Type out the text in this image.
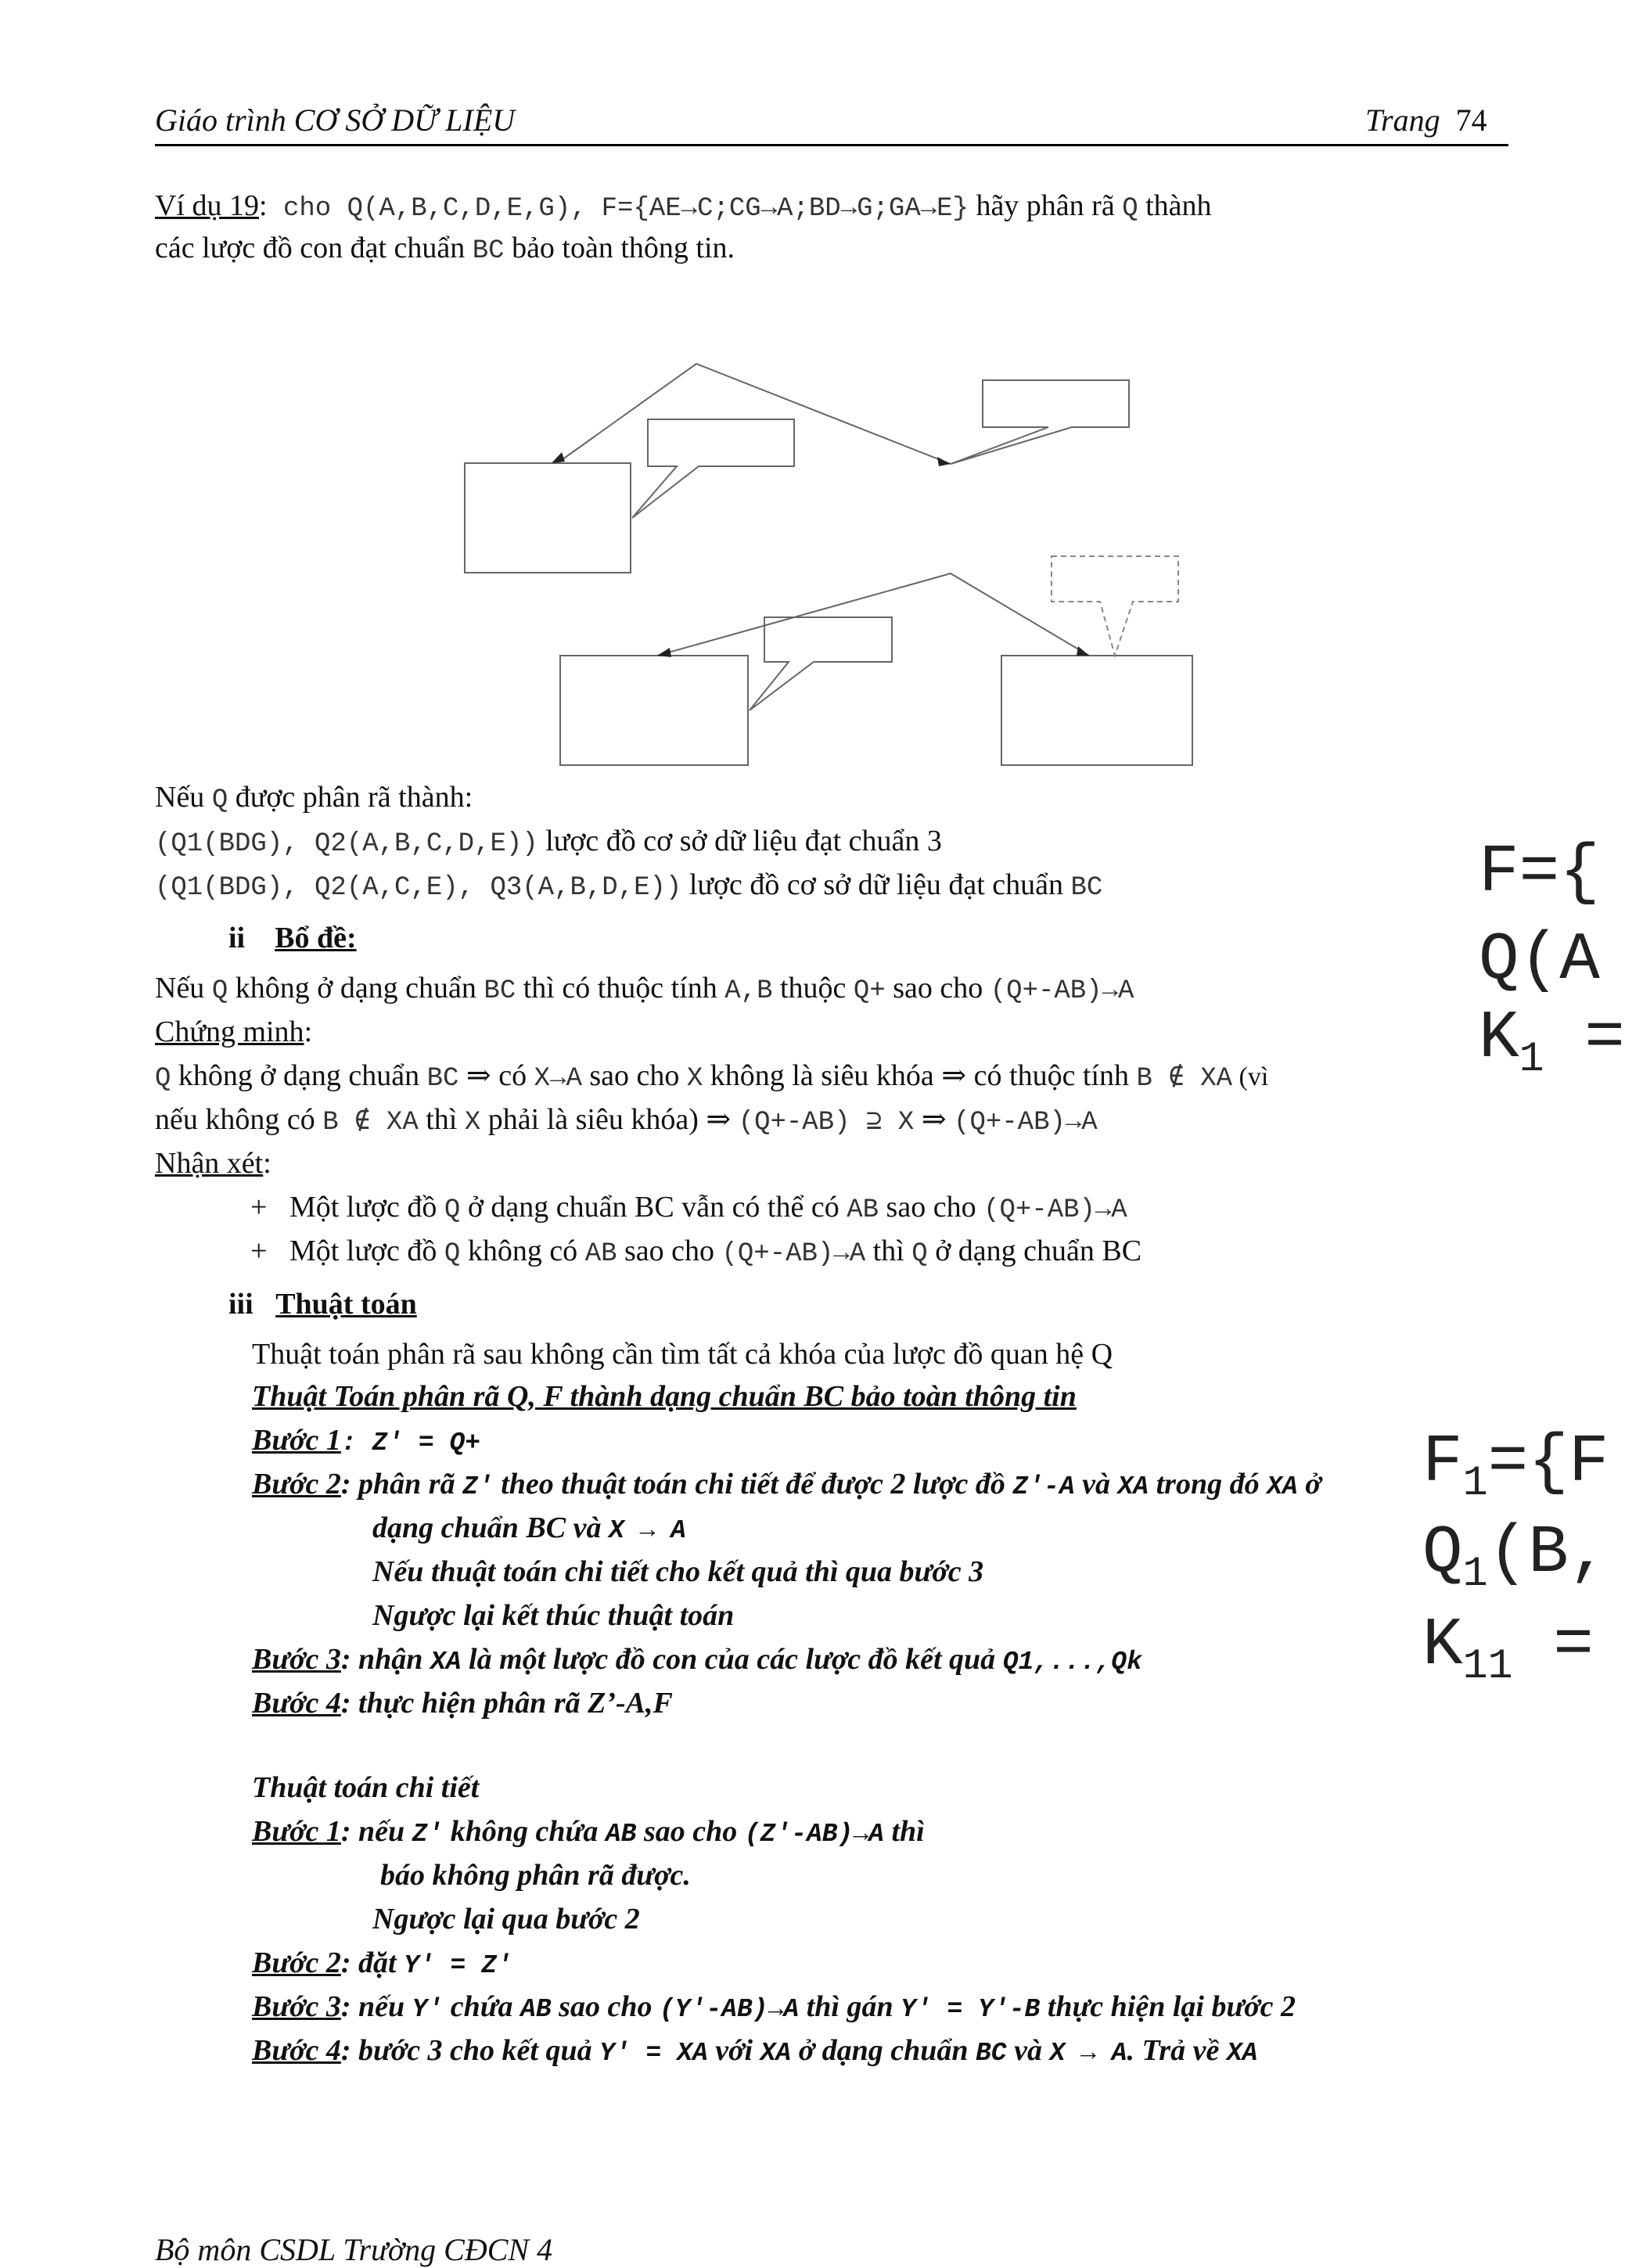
Giáo trình CƠ SỞ DỮ LIỆU	Trang 74
Ví dụ 19: cho Q(A,B,C,D,E,G), F={AE→C;CG→A;BD→G;GA→E} hãy phân rã Q thành
các lược đồ con đạt chuẩn BC bảo toàn thông tin.
Nếu Q được phân rã thành:
(Q1(BDG), Q2(A,B,C,D,E)) lược đồ cơ sở dữ liệu đạt chuẩn 3
(Q1(BDG), Q2(A,C,E), Q3(A,B,D,E)) lược đồ cơ sở dữ liệu đạt chuẩn BC
ii Bổ đề:
Nếu Q không ở dạng chuẩn BC thì có thuộc tính A,B thuộc Q+ sao cho (Q+-AB)→A
Chứng minh:
Q không ở dạng chuẩn BC ⇒ có X→A sao cho X không là siêu khóa ⇒ có thuộc tính B ∉ XA (vì
nếu không có B ∉ XA thì X phải là siêu khóa) ⇒ (Q+-AB) ⊇ X ⇒ (Q+-AB)→A
Nhận xét:
+ Một lược đồ Q ở dạng chuẩn BC vẫn có thể có AB sao cho (Q+-AB)→A
+ Một lược đồ Q không có AB sao cho (Q+-AB)→A thì Q ở dạng chuẩn BC
iii Thuật toán
Thuật toán phân rã sau không cần tìm tất cả khóa của lược đồ quan hệ Q
Thuật Toán phân rã Q, F thành dạng chuẩn BC bảo toàn thông tin
Bước 1: Z' = Q+
Bước 2: phân rã Z' theo thuật toán chi tiết để được 2 lược đồ Z'-A và XA trong đó XA ở
dạng chuẩn BC và X → A
Nếu thuật toán chi tiết cho kết quả thì qua bước 3
Ngược lại kết thúc thuật toán
Bước 3: nhận XA là một lược đồ con của các lược đồ kết quả Q1,...,Qk
Bước 4: thực hiện phân rã Z’-A,F
Thuật toán chi tiết
Bước 1: nếu Z' không chứa AB sao cho (Z'-AB)→A thì
báo không phân rã được.
Ngược lại qua bước 2
Bước 2: đặt Y' = Z'
Bước 3: nếu Y' chứa AB sao cho (Y'-AB)→A thì gán Y' = Y'-B thực hiện lại bước 2
Bước 4: bước 3 cho kết quả Y' = XA với XA ở dạng chuẩn BC và X → A. Trả về XA
F={
Q(A
$K_1$ =
$F_1=\{F$
$Q_1(B$,
$K_{11}$ =
Bộ môn CSDL Trường CĐCN 4
